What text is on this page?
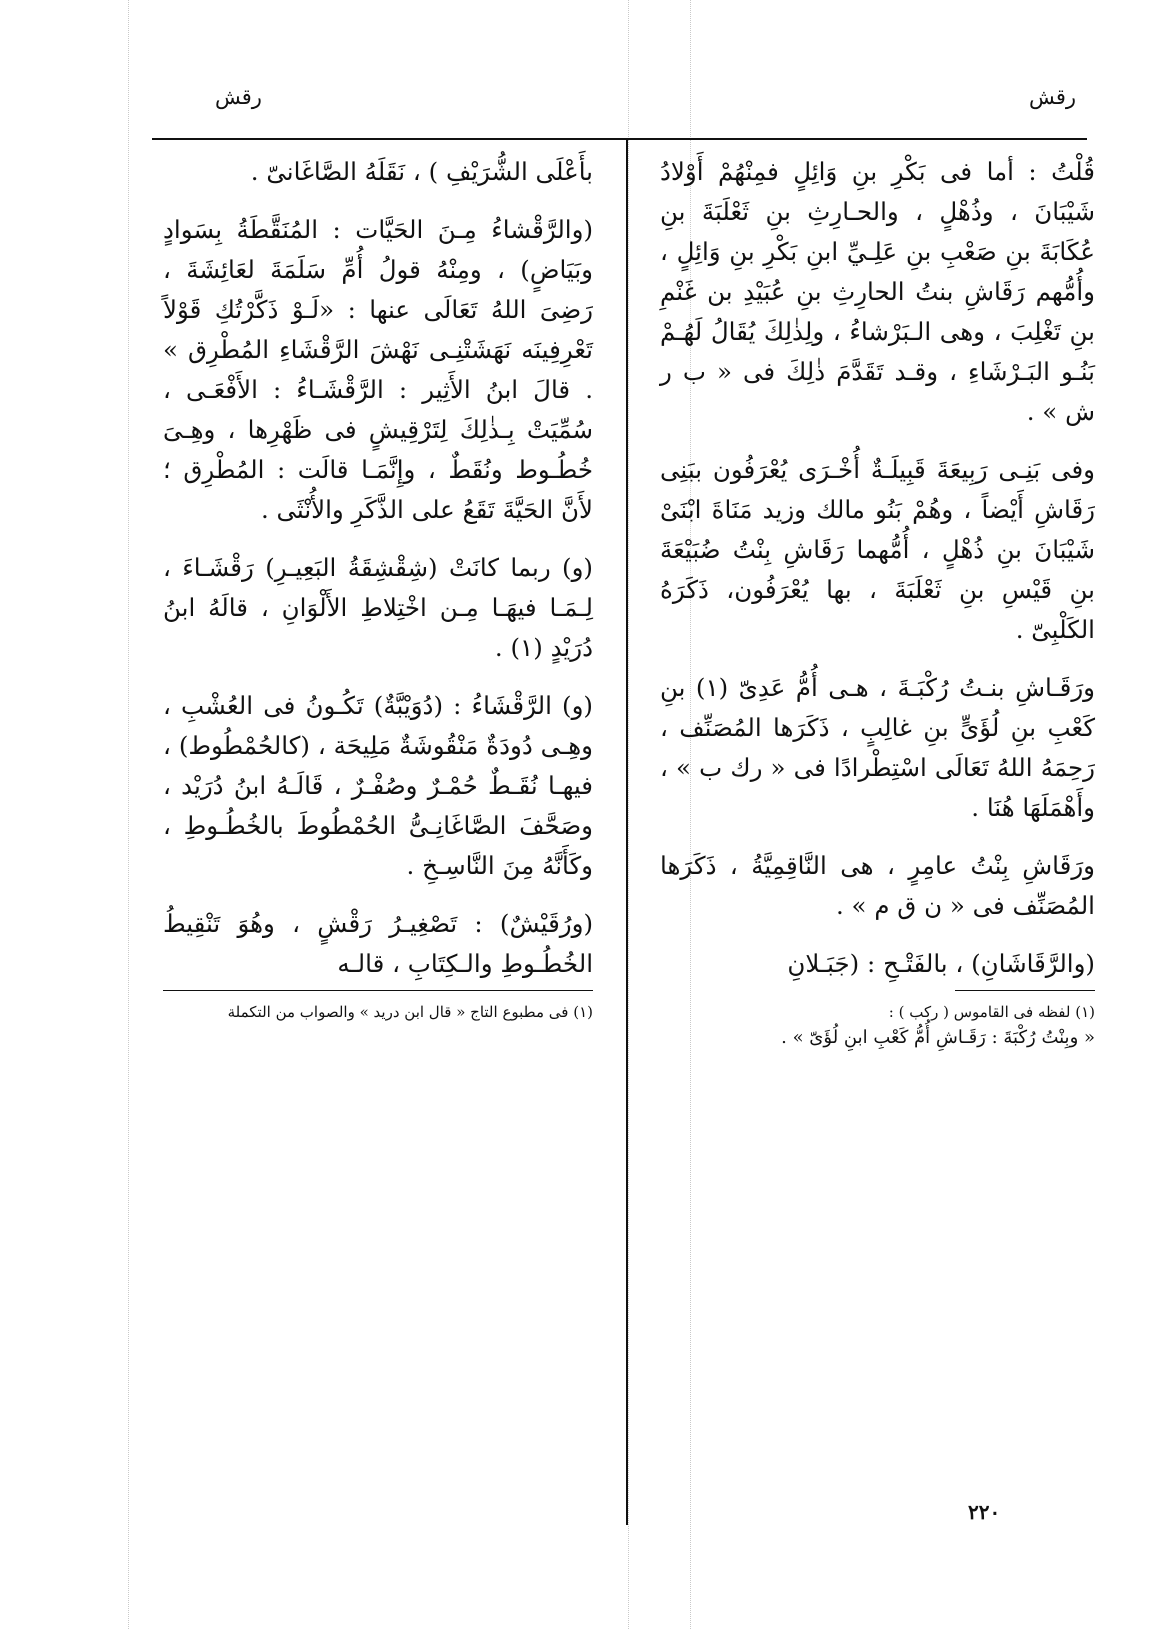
رقش
رقش

قُلْتُ : أما فى بَكْرِ بنِ وَائِلٍ فمِنْهُمْ أَوْلادُ شَيْبَانَ ، وذُهْلٍ ، والحـارِثِ بنِ ثَعْلَبَةَ بنِ عُكَابَةَ بنِ صَعْبِ بنِ عَلِـيِّ ابنِ بَكْرِ بنِ وَائِلٍ ، وأُمُّهم رَقَاشِ بنتُ الحارِثِ بنِ عُبَيْدِ بن غَنْمِ بنِ تَغْلِبَ ، وهى الـبَرْشاءُ ، ولِذٰلِكَ يُقَالُ لَهُـمْ بَنُـو البَـرْشَاءِ ، وقـد تَقَدَّمَ ذٰلِكَ فى « ب ر ش » .

وفى بَنِـى رَبِيعَةَ قَبِيلَـةٌ أُخْـرَى يُعْرَفُون ببَنِى رَقَاشِ أَيْضاً ، وهُمْ بَنُو مالك وزيد مَنَاةَ ابْنَىْ شَيْبَانَ بنِ ذُهْلٍ ، أُمُّهما رَقَاشِ بِنْتُ ضُبَيْعَةَ بنِ قَيْسِ بنِ ثَعْلَبَةَ ، بها يُعْرَفُون، ذَكَرَهُ الكَلْبِىّ .

ورَقَـاشِ بنـتُ رُكْبَـةَ ، هـى أُمُّ عَدِىّ (١) بنِ كَعْبِ بنِ لُؤَىٍّ بنِ غالِبٍ ، ذَكَرَها المُصَنِّف ، رَحِمَهُ اللهُ تَعَالَى اسْتِطْرادًا فى « رك ب » ، وأَهْمَلَهَا هُنَا .

ورَقَاشِ بِنْتُ عامِرٍ ، هى النَّاقِمِيَّةُ ، ذَكَرَها المُصَنِّف فى « ن ق م » .

(والرَّقَاشَانِ) ، بالفَتْـحِ : (جَبَـلانِ

(١) لفظه فى القاموس ( ركب ) :

« وبِنْتُ رُكْبَةَ : رَقَـاشِ أُمُّ كَعْبِ ابنِ لُؤَىّ » .

بأَعْلَى الشُّرَيْفِ ) ، نَقَلَهُ الصَّاغَانىّ .

(والرَّقْشاءُ مِـنَ الحَيَّات : المُنَقَّطَةُ بِسَوادٍ وبَيَاضٍ) ، ومِنْهُ قولُ أُمِّ سَلَمَةَ لعَائِشَةَ ، رَضِىَ اللهُ تَعَالَى عنها : «لَـوْ ذَكَّرْتُكِ قَوْلاً تَعْرِفِينَه نَهَشَتْنِـى نَهْشَ الرَّقْشَاءِ المُطْرِق » . قالَ ابنُ الأَثِير : الرَّقْشَـاءُ : الأَفْعَـى ، سُمِّيَتْ بِـذٰلِكَ لِتَرْقِيشٍ فى ظَهْرِها ، وهِـىَ خُطُـوط ونُقَطٌ ، وإِنَّمَـا قالَت : المُطْرِق ؛ لأَنَّ الحَيَّةَ تَقَعُ على الذَّكَرِ والأُنْثَى .

(و) ربما كانَتْ (شِقْشِقَةُ البَعِيـرِ) رَقْشَـاءَ ، لِـمَـا فيهَـا مِـن اخْتِلاطِ الأَلْوَانِ ، قالَهُ ابنُ دُرَيْدٍ (١) .

(و) الرَّقْشَاءُ : (دُوَيْبَّةٌ) تَكُـونُ فى العُشْبِ ، وهِـى دُودَةٌ مَنْقُوشَةٌ مَلِيحَة ، (كالحُمْطُوط) ، فيهـا نُقَـطٌ حُمْـرٌ وصُفْـرٌ ، قَالَـهُ ابنُ دُرَيْد ، وصَحَّفَ الصَّاغَانِـىُّ الحُمْطُوطَ بالخُطُـوطِ ، وكَأَنَّهُ مِنَ النَّاسِـخِ .

(ورُقَيْشٌ) : تَصْغِيـرُ رَقْشٍ ، وهُوَ تَنْقِيطُ الخُطُـوطِ والـكِتَابِ ، قالـه

(١) فى مطبوع التاج « قال ابن دريد » والصواب من التكملة

٢٢٠
